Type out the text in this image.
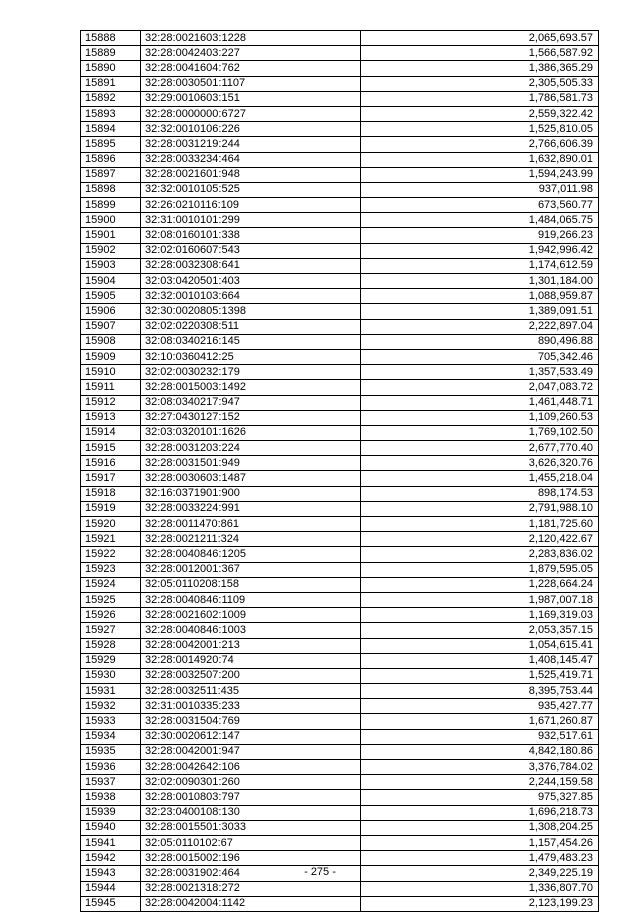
15888	32:28:0021603:1228	2,065,693.57
15889	32:28:0042403:227	1,566,587.92
15890	32:28:0041604:762	1,386,365.29
15891	32:28:0030501:1107	2,305,505.33
15892	32:29:0010603:151	1,786,581.73
15893	32:28:0000000:6727	2,559,322.42
15894	32:32:0010106:226	1,525,810.05
15895	32:28:0031219:244	2,766,606.39
15896	32:28:0033234:464	1,632,890.01
15897	32:28:0021601:948	1,594,243.99
15898	32:32:0010105:525	937,011.98
15899	32:26:0210116:109	673,560.77
15900	32:31:0010101:299	1,484,065.75
15901	32:08:0160101:338	919,266.23
15902	32:02:0160607:543	1,942,996.42
15903	32:28:0032308:641	1,174,612.59
15904	32:03:0420501:403	1,301,184.00
15905	32:32:0010103:664	1,088,959.87
15906	32:30:0020805:1398	1,389,091.51
15907	32:02:0220308:511	2,222,897.04
15908	32:08:0340216:145	890,496.88
15909	32:10:0360412:25	705,342.46
15910	32:02:0030232:179	1,357,533.49
15911	32:28:0015003:1492	2,047,083.72
15912	32:08:0340217:947	1,461,448.71
15913	32:27:0430127:152	1,109,260.53
15914	32:03:0320101:1626	1,769,102.50
15915	32:28:0031203:224	2,677,770.40
15916	32:28:0031501:949	3,626,320.76
15917	32:28:0030603:1487	1,455,218.04
15918	32:16:0371901:900	898,174.53
15919	32:28:0033224:991	2,791,988.10
15920	32:28:0011470:861	1,181,725.60
15921	32:28:0021211:324	2,120,422.67
15922	32:28:0040846:1205	2,283,836.02
15923	32:28:0012001:367	1,879,595.05
15924	32:05:0110208:158	1,228,664.24
15925	32:28:0040846:1109	1,987,007.18
15926	32:28:0021602:1009	1,169,319.03
15927	32:28:0040846:1003	2,053,357.15
15928	32:28:0042001:213	1,054,615.41
15929	32:28:0014920:74	1,408,145.47
15930	32:28:0032507:200	1,525,419.71
15931	32:28:0032511:435	8,395,753.44
15932	32:31:0010335:233	935,427.77
15933	32:28:0031504:769	1,671,260.87
15934	32:30:0020612:147	932,517.61
15935	32:28:0042001:947	4,842,180.86
15936	32:28:0042642:106	3,376,784.02
15937	32:02:0090301:260	2,244,159.58
15938	32:28:0010803:797	975,327.85
15939	32:23:0400108:130	1,696,218.73
15940	32:28:0015501:3033	1,308,204.25
15941	32:05:0110102:67	1,157,454.26
15942	32:28:0015002:196	1,479,483.23
15943	32:28:0031902:464	2,349,225.19
15944	32:28:0021318:272	1,336,807.70
15945	32:28:0042004:1142	2,123,199.23
- 275 -
